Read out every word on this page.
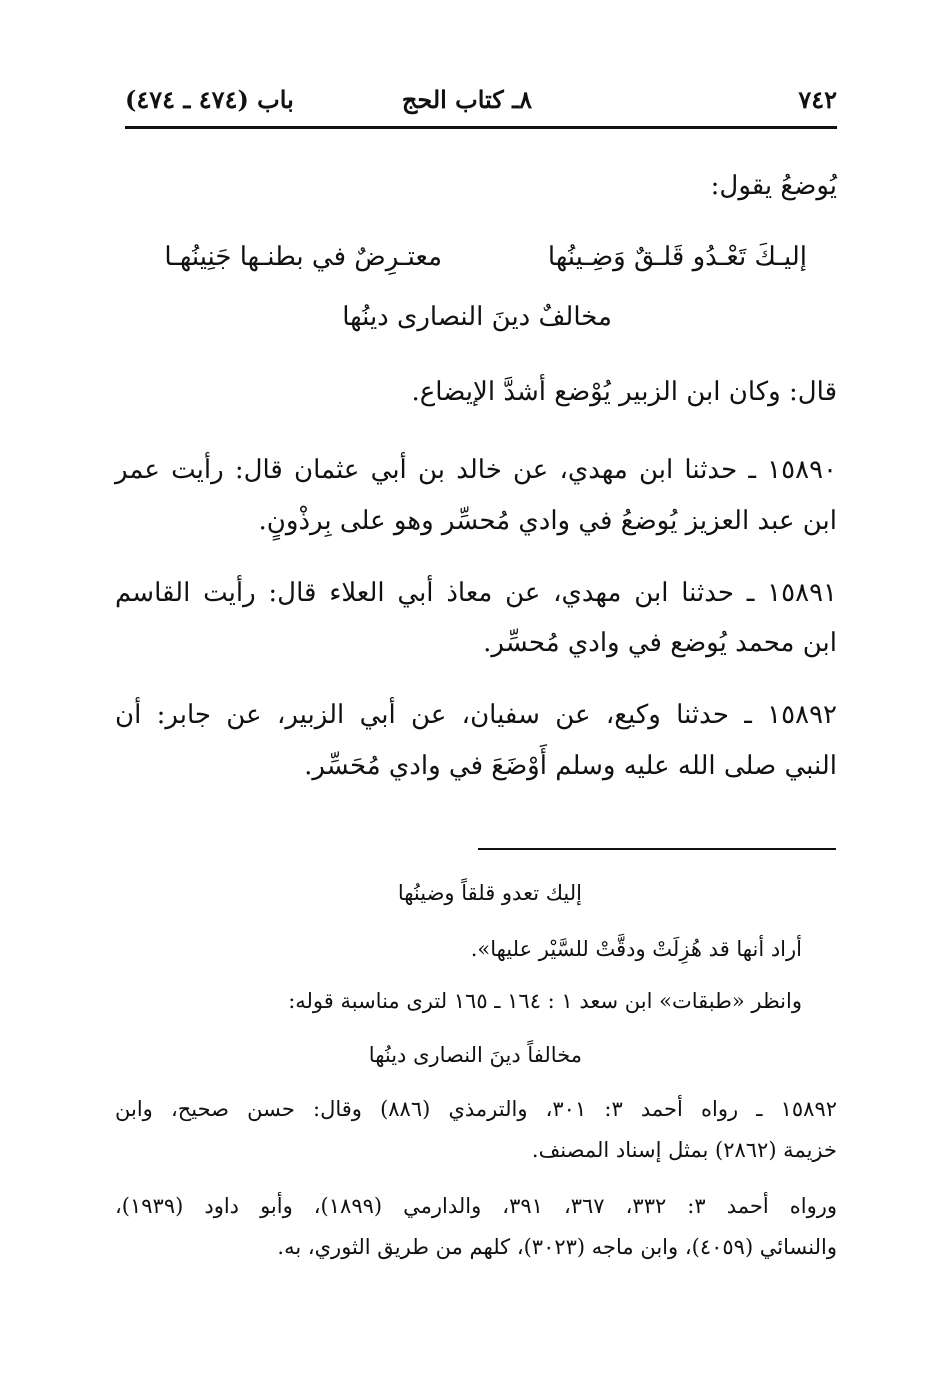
٧٤٢
٨ـ كتاب الحج
باب (٤٧٤ ـ ٤٧٤)
يُوضعُ يقول:
إليـكَ تَعْـدُو قَلـقٌ وَضِـينُها
معتـرِضٌ في بطنـها جَنِينُهـا
مخالفٌ دينَ النصارى دينُها
قال: وكان ابن الزبير يُوْضع أشدَّ الإيضاع.
١٥٨٩٠ ـ حدثنا ابن مهدي، عن خالد بن أبي عثمان قال: رأيت عمر
ابن عبد العزيز يُوضعُ في وادي مُحسِّر وهو على بِرذْونٍ.
١٥٨٩١ ـ حدثنا ابن مهدي، عن معاذ أبي العلاء قال: رأيت القاسم
ابن محمد يُوضع في وادي مُحسِّر.
١٥٨٩٢ ـ حدثنا وكيع، عن سفيان، عن أبي الزبير، عن جابر: أن
النبي صلى الله عليه وسلم أَوْضَعَ في وادي مُحَسِّر.
إليك تعدو قلقاً وضينُها
أراد أنها قد هُزِلَتْ ودقَّتْ للسَّيْر عليها».
وانظر «طبقات» ابن سعد ١ : ١٦٤ ـ ١٦٥ لترى مناسبة قوله:
مخالفاً دينَ النصارى دينُها
١٥٨٩٢ ـ رواه أحمد ٣: ٣٠١، والترمذي (٨٨٦) وقال: حسن صحيح، وابن
خزيمة (٢٨٦٢) بمثل إسناد المصنف.
ورواه أحمد ٣: ٣٣٢، ٣٦٧، ٣٩١، والدارمي (١٨٩٩)، وأبو داود (١٩٣٩)،
والنسائي (٤٠٥٩)، وابن ماجه (٣٠٢٣)، كلهم من طريق الثوري، به.
